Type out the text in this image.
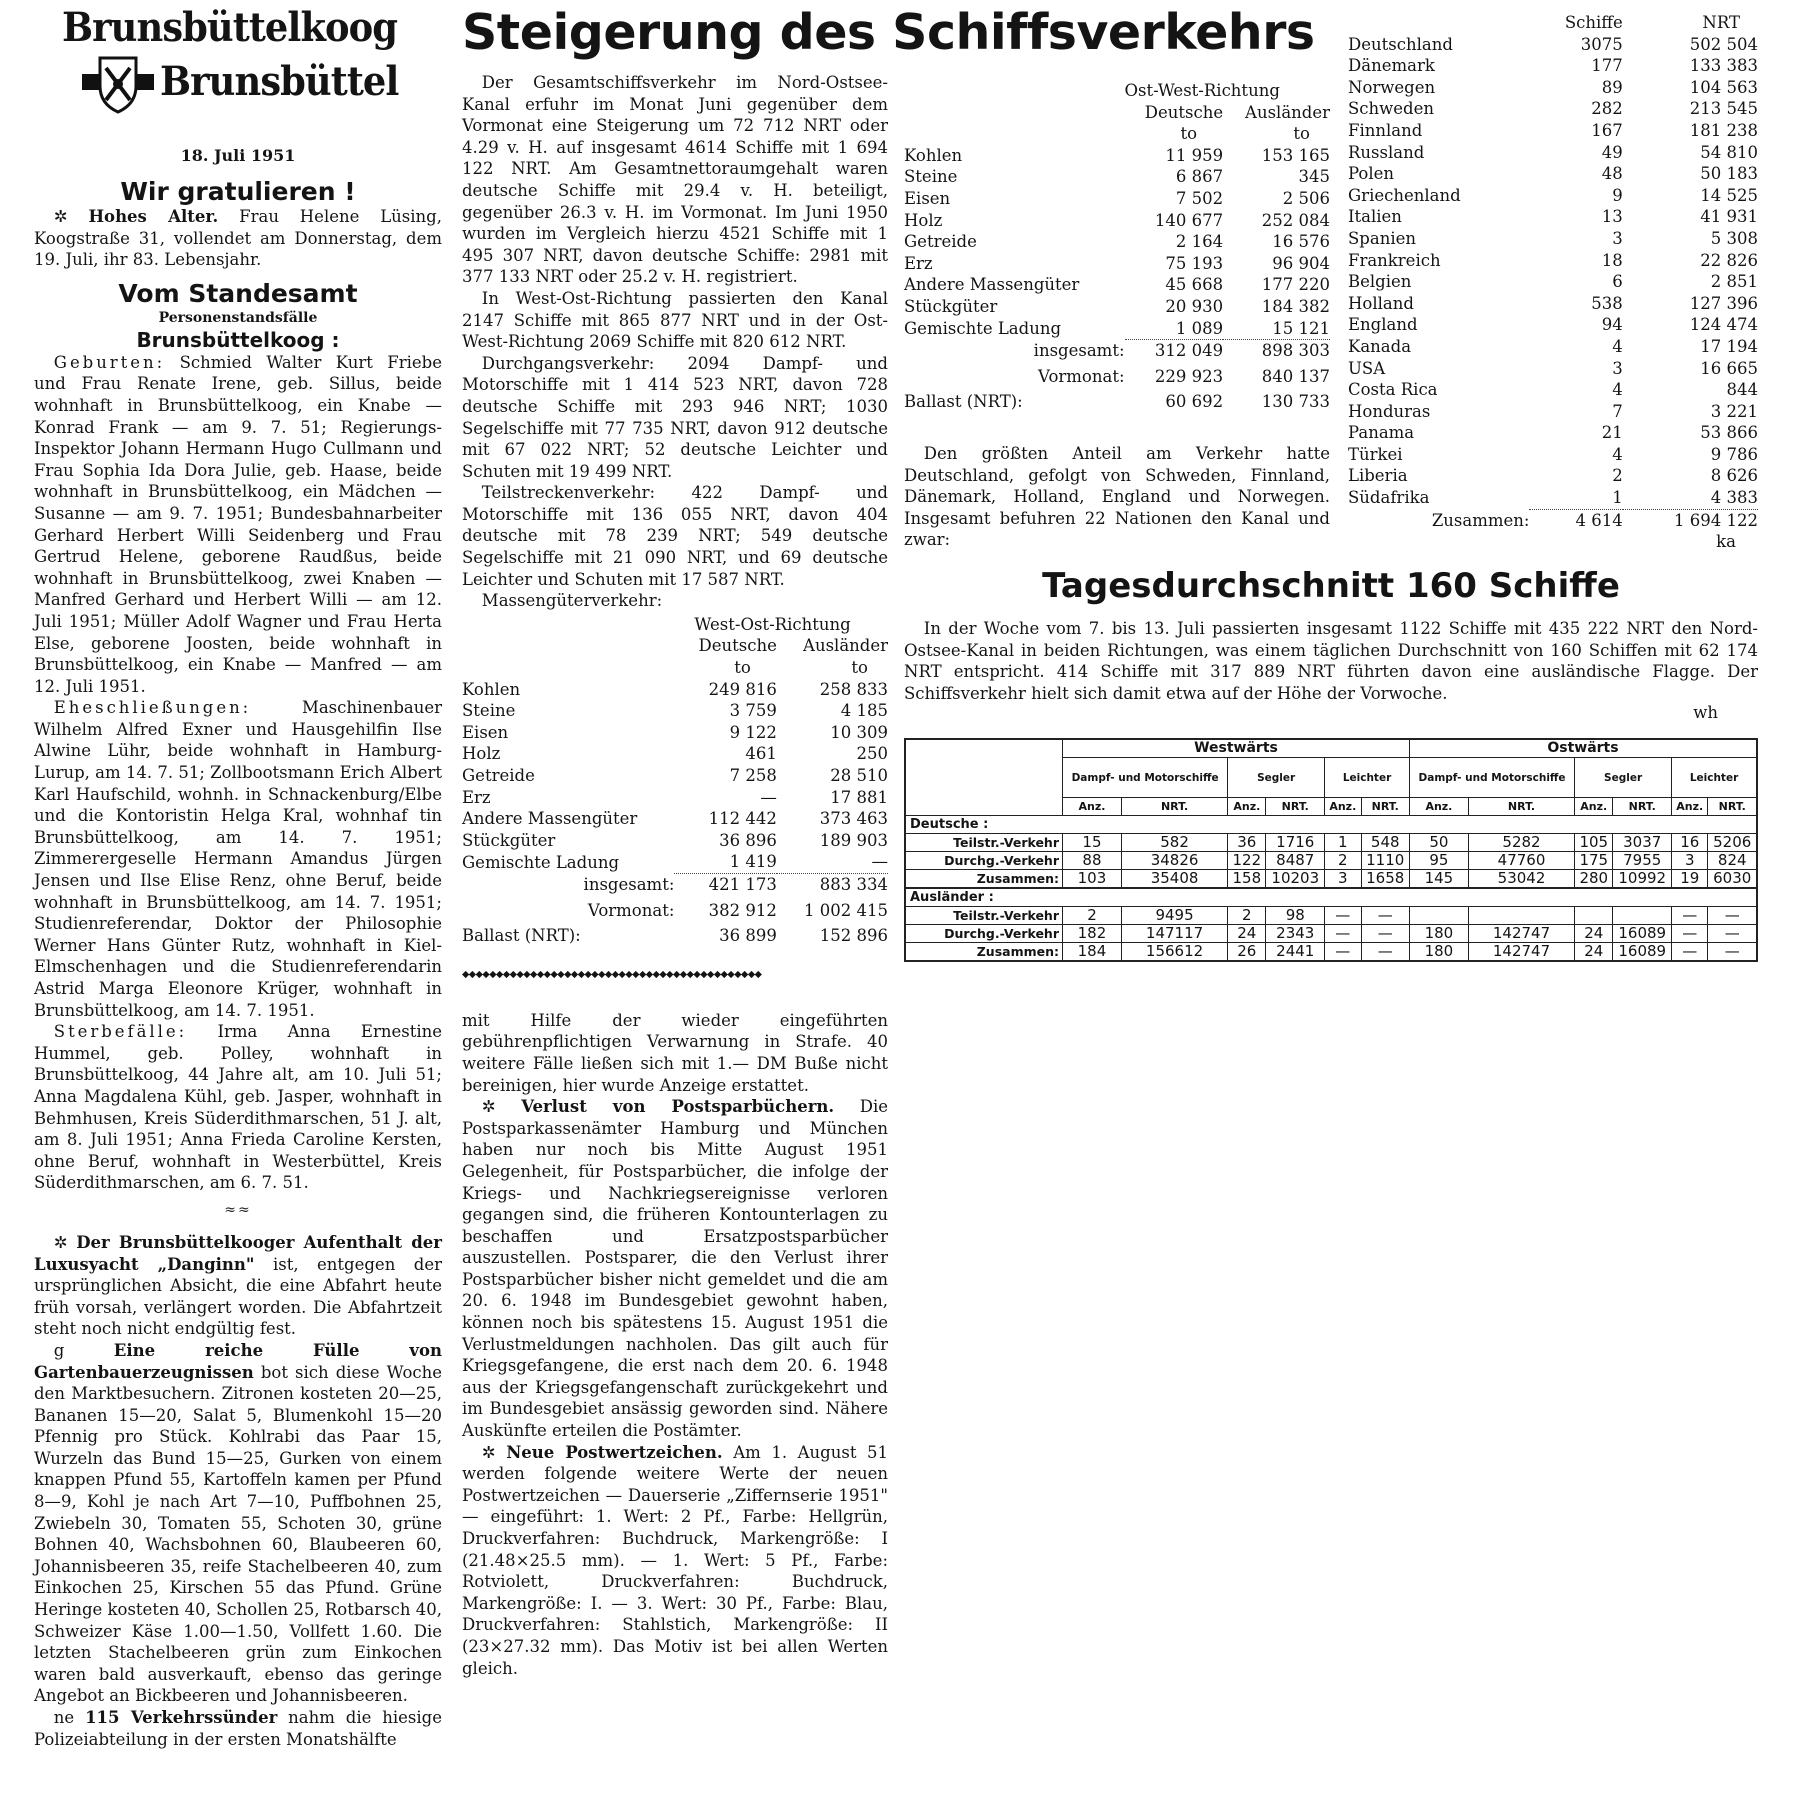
Brunsbüttelkoog
Brunsbüttel
18. Juli 1951
Wir gratulieren !

✲ Hohes Alter. Frau Helene Lüsing, Koogstraße 31, vollendet am Donnerstag, dem 19. Juli, ihr 83. Lebensjahr.

Vom Standesamt
Personenstandsfälle
Brunsbüttelkoog :

Geburten: Schmied Walter Kurt Friebe und Frau Renate Irene, geb. Sillus, beide wohnhaft in Brunsbüttelkoog, ein Knabe — Konrad Frank — am 9. 7. 51; Regierungs-Inspektor Johann Hermann Hugo Cullmann und Frau Sophia Ida Dora Julie, geb. Haase, beide wohnhaft in Brunsbüttelkoog, ein Mädchen — Susanne — am 9. 7. 1951; Bundesbahnarbeiter Gerhard Herbert Willi Seidenberg und Frau Gertrud Helene, geborene Raudßus, beide wohnhaft in Brunsbüttelkoog, zwei Knaben — Manfred Gerhard und Herbert Willi — am 12. Juli 1951; Müller Adolf Wagner und Frau Herta Else, geborene Joosten, beide wohnhaft in Brunsbüttelkoog, ein Knabe — Manfred — am 12. Juli 1951.

Eheschließungen:	Maschinenbauer Wilhelm Alfred Exner und Hausgehilfin Ilse Alwine Lühr, beide wohnhaft in Hamburg-Lurup, am 14. 7. 51; Zollbootsmann Erich Albert Karl Haufschild, wohnh. in Schnackenburg/Elbe und die Kontoristin Helga Kral, wohnhaf tin Brunsbüttelkoog, am 14. 7. 1951; Zimmerergeselle Hermann Amandus Jürgen Jensen und Ilse Elise Renz, ohne Beruf, beide wohnhaft in Brunsbüttelkoog, am 14. 7. 1951; Studienreferendar, Doktor der Philosophie Werner Hans Günter Rutz, wohnhaft in Kiel-Elmschenhagen und die Studienreferendarin Astrid Marga Eleonore Krüger, wohnhaft in Brunsbüttelkoog, am 14. 7. 1951.

Sterbefälle: Irma Anna Ernestine Hummel, geb. Polley, wohnhaft in Brunsbüttelkoog, 44 Jahre alt, am 10. Juli 51; Anna Magdalena Kühl, geb. Jasper, wohnhaft in Behmhusen, Kreis Süderdithmarschen, 51 J. alt, am 8. Juli 1951; Anna Frieda Caroline Kersten, ohne Beruf, wohnhaft in Westerbüttel, Kreis Süderdithmarschen, am 6. 7. 51.

≈≈

✲ Der Brunsbüttelkooger Aufenthalt der Luxusyacht „Danginn" ist, entgegen der ursprünglichen Absicht, die eine Abfahrt heute früh vorsah, verlängert worden. Die Abfahrtzeit steht noch nicht endgültig fest.

g	Eine reiche Fülle von Gartenbauerzeugnissen bot sich diese Woche den Marktbesuchern. Zitronen kosteten 20—25, Bananen 15—20, Salat 5, Blumenkohl 15—20 Pfennig pro Stück. Kohlrabi das Paar 15, Wurzeln das Bund 15—25, Gurken von einem knappen Pfund 55, Kartoffeln kamen per Pfund 8—9, Kohl je nach Art 7—10, Puffbohnen 25, Zwiebeln 30, Tomaten 55, Schoten 30, grüne Bohnen 40, Wachsbohnen 60, Blaubeeren 60, Johannisbeeren 35, reife Stachelbeeren 40, zum Einkochen 25, Kirschen 55 das Pfund. Grüne Heringe kosteten 40, Schollen 25, Rotbarsch 40, Schweizer Käse 1.00—1.50, Vollfett 1.60. Die letzten Stachelbeeren grün zum Einkochen waren bald ausverkauft, ebenso das geringe Angebot an Bickbeeren und Johannisbeeren.

ne 115 Verkehrssünder nahm die hiesige Polizeiabteilung in der ersten Monatshälfte

Steigerung des Schiffsverkehrs

Der Gesamtschiffsverkehr im Nord-Ostsee-Kanal erfuhr im Monat Juni gegenüber dem Vormonat eine Steigerung um 72 712 NRT oder 4.29 v. H. auf insgesamt 4614 Schiffe mit 1 694 122 NRT. Am Gesamtnettoraumgehalt waren deutsche Schiffe mit 29.4 v. H. beteiligt, gegenüber 26.3 v. H. im Vormonat. Im Juni 1950 wurden im Vergleich hierzu 4521 Schiffe mit 1 495 307 NRT, davon deutsche Schiffe: 2981 mit 377 133 NRT oder 25.2 v. H. registriert.

In West-Ost-Richtung passierten den Kanal 2147 Schiffe mit 865 877 NRT und in der Ost-West-Richtung 2069 Schiffe mit 820 612 NRT.

Durchgangsverkehr: 2094 Dampf- und Motorschiffe mit 1 414 523 NRT, davon 728 deutsche Schiffe mit 293 946 NRT; 1030 Segelschiffe mit 77 735 NRT, davon 912 deutsche mit 67 022 NRT; 52 deutsche Leichter und Schuten mit 19 499 NRT.

Teilstreckenverkehr: 422 Dampf- und Motorschiffe mit 136 055 NRT, davon 404 deutsche mit 78 239 NRT; 549 deutsche Segelschiffe mit 21 090 NRT, und 69 deutsche Leichter und Schuten mit 17 587 NRT.

Massengüterverkehr:

	West-Ost-Richtung	
	Deutsche	Ausländer
	to	to
Kohlen	249 816	258 833
Steine	3 759	4 185
Eisen	9 122	10 309
Holz	461	250
Getreide	7 258	28 510
Erz	—	17 881
Andere Massengüter	112 442	373 463
Stückgüter	36 896	189 903
Gemischte Ladung	1 419	—

insgesamt:	421 173	883 334
Vormonat:	382 912	1 002 415
Ballast (NRT):	36 899	152 896
◆◆◆◆◆◆◆◆◆◆◆◆◆◆◆◆◆◆◆◆◆◆◆◆◆◆◆◆◆◆◆◆◆◆◆◆◆◆◆◆◆◆◆◆

mit Hilfe der wieder eingeführten gebührenpflichtigen Verwarnung in Strafe. 40 weitere Fälle ließen sich mit 1.— DM Buße nicht bereinigen, hier wurde Anzeige erstattet.

✲ Verlust von Postsparbüchern. Die Postsparkassenämter Hamburg und München haben nur noch bis Mitte August 1951 Gelegenheit, für Postsparbücher, die infolge der Kriegs- und Nachkriegsereignisse verloren gegangen sind, die früheren Kontounterlagen zu beschaffen und Ersatzpostsparbücher auszustellen. Postsparer, die den Verlust ihrer Postsparbücher bisher nicht gemeldet und die am 20. 6. 1948 im Bundesgebiet gewohnt haben, können noch bis spätestens 15. August 1951 die Verlustmeldungen nachholen. Das gilt auch für Kriegsgefangene, die erst nach dem 20. 6. 1948 aus der Kriegsgefangenschaft zurückgekehrt und im Bundesgebiet ansässig geworden sind. Nähere Auskünfte erteilen die Postämter.

✲ Neue Postwertzeichen. Am 1. August 51 werden folgende weitere Werte der neuen Postwertzeichen — Dauerserie „Ziffernserie 1951" — eingeführt: 1. Wert: 2 Pf., Farbe: Hellgrün, Druckverfahren: Buchdruck, Markengröße: I (21.48×25.5 mm). — 1. Wert: 5 Pf., Farbe: Rotviolett, Druckverfahren: Buchdruck, Markengröße: I. — 3. Wert: 30 Pf., Farbe: Blau, Druckverfahren: Stahlstich, Markengröße: II (23×27.32 mm). Das Motiv ist bei allen Werten gleich.

	Ost-West-Richtung	
	Deutsche	Ausländer
	to	to
Kohlen	11 959	153 165
Steine	6 867	345
Eisen	7 502	2 506
Holz	140 677	252 084
Getreide	2 164	16 576
Erz	75 193	96 904
Andere Massengüter	45 668	177 220
Stückgüter	20 930	184 382
Gemischte Ladung	1 089	15 121

insgesamt:	312 049	898 303
Vormonat:	229 923	840 137
Ballast (NRT):	60 692	130 733

Den größten Anteil am Verkehr hatte Deutschland, gefolgt von Schweden, Finnland, Dänemark, Holland, England und Norwegen. Insgesamt befuhren 22 Nationen den Kanal und zwar:

	Schiffe	NRT
Deutschland	3075	502 504
Dänemark	177	133 383
Norwegen	89	104 563
Schweden	282	213 545
Finnland	167	181 238
Russland	49	54 810
Polen	48	50 183
Griechenland	9	14 525
Italien	13	41 931
Spanien	3	5 308
Frankreich	18	22 826
Belgien	6	2 851
Holland	538	127 396
England	94	124 474
Kanada	4	17 194
USA	3	16 665
Costa Rica	4	844
Honduras	7	3 221
Panama	21	53 866
Türkei	4	9 786
Liberia	2	8 626
Südafrika	1	4 383

Zusammen:	4 614	1 694 122
		ka
Tagesdurchschnitt 160 Schiffe

In der Woche vom 7. bis 13. Juli passierten insgesamt 1122 Schiffe mit 435 222 NRT den Nord-Ostsee-Kanal in beiden Richtungen, was einem täglichen Durchschnitt von 160 Schiffen mit 62 174 NRT entspricht. 414 Schiffe mit 317 889 NRT führten davon eine ausländische Flagge. Der Schiffsverkehr hielt sich damit etwa auf der Höhe der Vorwoche.

wh
	Westwärts						Ostwärts					
	Dampf- und Motorschiffe		Segler		Leichter		Dampf- und Motorschiffe		Segler		Leichter	
	Anz.	NRT.	Anz.	NRT.	Anz.	NRT.	Anz.	NRT.	Anz.	NRT.	Anz.	NRT.
Deutsche :												
Teilstr.-Verkehr	15	582	36	1716	1	548	50	5282	105	3037	16	5206
Durchg.-Verkehr	88	34826	122	8487	2	1110	95	47760	175	7955	3	824
Zusammen:	103	35408	158	10203	3	1658	145	53042	280	10992	19	6030
Ausländer :												
Teilstr.-Verkehr	2	9495	2	98	—	—					—	—
Durchg.-Verkehr	182	147117	24	2343	—	—	180	142747	24	16089	—	—
Zusammen:	184	156612	26	2441	—	—	180	142747	24	16089	—	—
